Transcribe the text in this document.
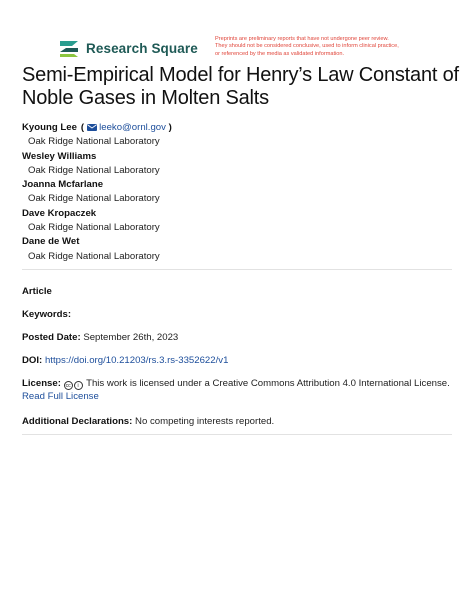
Research Square
Preprints are preliminary reports that have not undergone peer review.
They should not be considered conclusive, used to inform clinical practice,
or referenced by the media as validated information.
Semi-Empirical Model for Henry’s Law Constant of Noble Gases in Molten Salts
Kyoung Lee ( leeko@ornl.gov )
Oak Ridge National Laboratory
Wesley Williams
Oak Ridge National Laboratory
Joanna Mcfarlane
Oak Ridge National Laboratory
Dave Kropaczek
Oak Ridge National Laboratory
Dane de Wet
Oak Ridge National Laboratory
Article
Keywords:
Posted Date: September 26th, 2023
DOI: https://doi.org/10.21203/rs.3.rs-3352622/v1
License: cc i This work is licensed under a Creative Commons Attribution 4.0 International License.
Read Full License
Additional Declarations: No competing interests reported.
